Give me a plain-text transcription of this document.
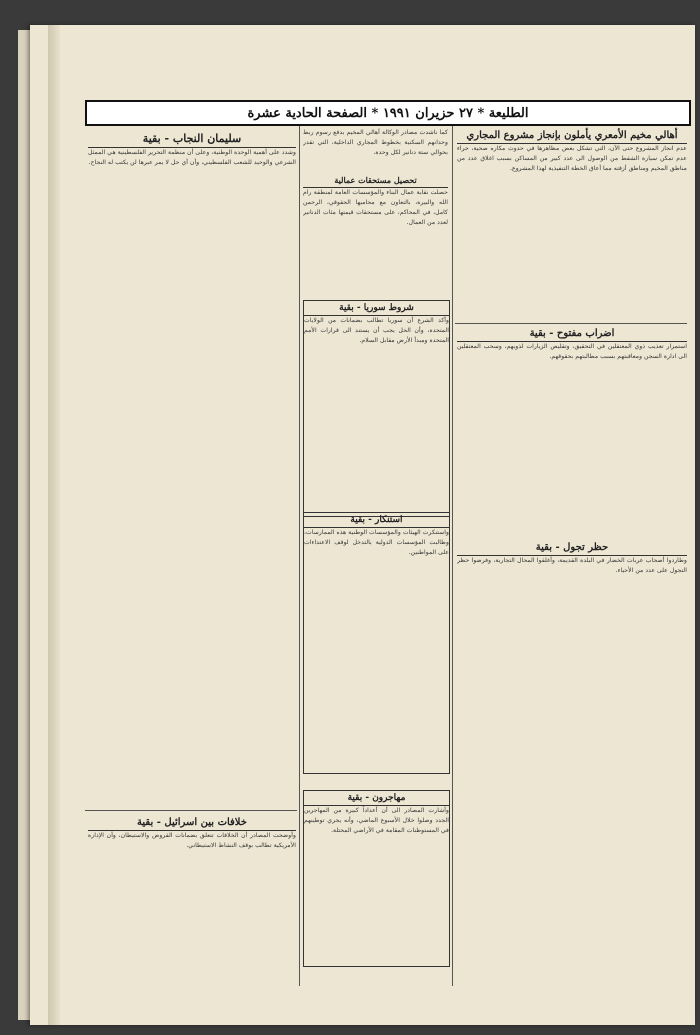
الطليعة * ٢٧ حزيران ١٩٩١ * الصفحة الحادية عشرة
أهالي مخيم الأمعري يأملون بإنجاز مشروع المجاري
عدم انجاز المشروع حتى الآن، التي تشكل بعض مظاهرها في حدوث مكاره صحية، جراء عدم تمكن سيارة الشفط من الوصول الى عدد كبير من المساكن بسبب اغلاق عدد من مناطق المخيم ومناطق أزقته مما أعاق الخطة التنفيذية لهذا المشروع.
اضراب مفتوح - بقية
استمرار تعذيب ذوي المعتقلين في التحقيق، وتقليص الزيارات لذويهم، وسحب المعتقلين الى ادارة السجن ومعاقبتهم بسبب مطالبتهم بحقوقهم.
حظر تجول - بقية
وطاردوا أصحاب عربات الخضار في البلدة القديمة، وأغلقوا المحال التجارية، وفرضوا حظر التجول على عدد من الأحياء.
كما ناشدت مصادر الوكالة أهالي المخيم بدفع رسوم ربط وحدانهم السكنية بخطوط المجاري الداخلية، التي تقدر بحوالي ستة دنانير لكل وحدة.
تحصيل مستحقات عمالية
حصلت نقابة عمال البناء والمؤسسات العامة لمنطقة رام الله والبيرة، بالتعاون مع محاميها الحقوقي، الرحمن كامل، في المحاكم، على مستحقات قيمتها مئات الدنانير لعدد من العمال.
شروط سوريا - بقية
وأكد الشرع أن سوريا تطالب بضمانات من الولايات المتحدة، وأن الحل يجب أن يستند الى قرارات الأمم المتحدة ومبدأ الأرض مقابل السلام.
استنكار - بقية
واستنكرت الهيئات والمؤسسات الوطنية هذه الممارسات، وطالبت المؤسسات الدولية بالتدخل لوقف الاعتداءات على المواطنين.
مهاجرون - بقية
وأشارت المصادر الى أن أعداداً كبيرة من المهاجرين الجدد وصلوا خلال الأسبوع الماضي، وأنه يجري توطينهم في المستوطنات المقامة في الأراضي المحتلة.
سليمان النجاب - بقية
وشدد على أهمية الوحدة الوطنية، وعلى أن منظمة التحرير الفلسطينية هي الممثل الشرعي والوحيد للشعب الفلسطيني، وأن أي حل لا يمر عبرها لن يكتب له النجاح.
خلافات بين اسرائيل - بقية
وأوضحت المصادر أن الخلافات تتعلق بضمانات القروض والاستيطان، وأن الإدارة الأمريكية تطالب بوقف النشاط الاستيطاني.
